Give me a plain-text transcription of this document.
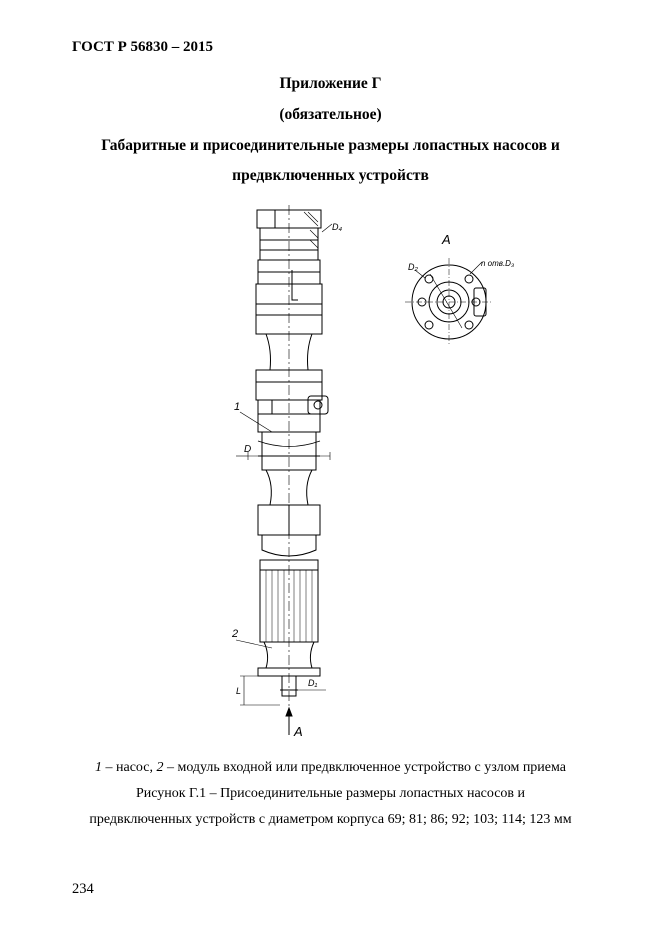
ГОСТ Р 56830 – 2015
Приложение Г
(обязательное)
Габаритные и присоединительные размеры лопастных насосов и
предвключенных устройств
D₄
A
D₂	n отв.D₃
1
D
2
L
D₁
A
1 – насос, 2 – модуль входной или предвключенное устройство с узлом приема
Рисунок Г.1 – Присоединительные размеры лопастных насосов и
предвключенных устройств с диаметром корпуса 69; 81; 86; 92; 103; 114; 123 мм
234
